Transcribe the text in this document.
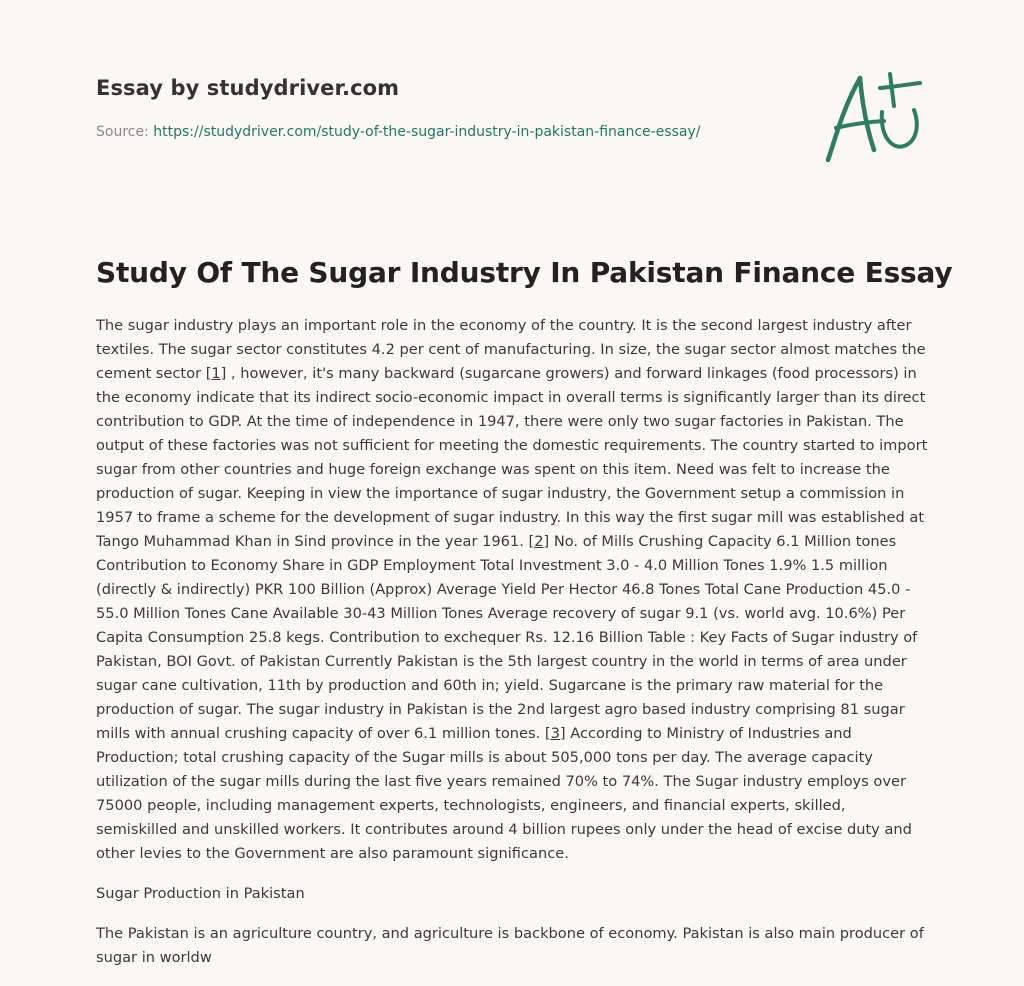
Essay by studydriver.com
Source: https://studydriver.com/study-of-the-sugar-industry-in-pakistan-finance-essay/
Study Of The Sugar Industry In Pakistan Finance Essay

The sugar industry plays an important role in the economy of the country. It is the second largest industry after textiles. The sugar sector constitutes 4.2 per cent of manufacturing. In size, the sugar sector almost matches the cement sector [1] , however, it's many backward (sugarcane growers) and forward linkages (food processors) in the economy indicate that its indirect socio-economic impact in overall terms is significantly larger than its direct contribution to GDP. At the time of independence in 1947, there were only two sugar factories in Pakistan. The output of these factories was not sufficient for meeting the domestic requirements. The country started to import sugar from other countries and huge foreign exchange was spent on this item. Need was felt to increase the production of sugar. Keeping in view the importance of sugar industry, the Government setup a commission in 1957 to frame a scheme for the development of sugar industry. In this way the first sugar mill was established at Tango Muhammad Khan in Sind province in the year 1961. [2] No. of Mills Crushing Capacity 6.1 Million tones Contribution to Economy Share in GDP Employment Total Investment 3.0 - 4.0 Million Tones 1.9% 1.5 million (directly & indirectly) PKR 100 Billion (Approx) Average Yield Per Hector 46.8 Tones Total Cane Production 45.0 - 55.0 Million Tones Cane Available 30-43 Million Tones Average recovery of sugar 9.1 (vs. world avg. 10.6%) Per Capita Consumption 25.8 kegs. Contribution to exchequer Rs. 12.16 Billion Table : Key Facts of Sugar industry of Pakistan, BOI Govt. of Pakistan Currently Pakistan is the 5th largest country in the world in terms of area under sugar cane cultivation, 11th by production and 60th in; yield. Sugarcane is the primary raw material for the production of sugar. The sugar industry in Pakistan is the 2nd largest agro based industry comprising 81 sugar mills with annual crushing capacity of over 6.1 million tones. [3] According to Ministry of Industries and Production; total crushing capacity of the Sugar mills is about 505,000 tons per day. The average capacity utilization of the sugar mills during the last five years remained 70% to 74%. The Sugar industry employs over 75000 people, including management experts, technologists, engineers, and financial experts, skilled, semiskilled and unskilled workers. It contributes around 4 billion rupees only under the head of excise duty and other levies to the Government are also paramount significance.

Sugar Production in Pakistan

The Pakistan is an agriculture country, and agriculture is backbone of economy. Pakistan is also main producer of sugar in worldw
